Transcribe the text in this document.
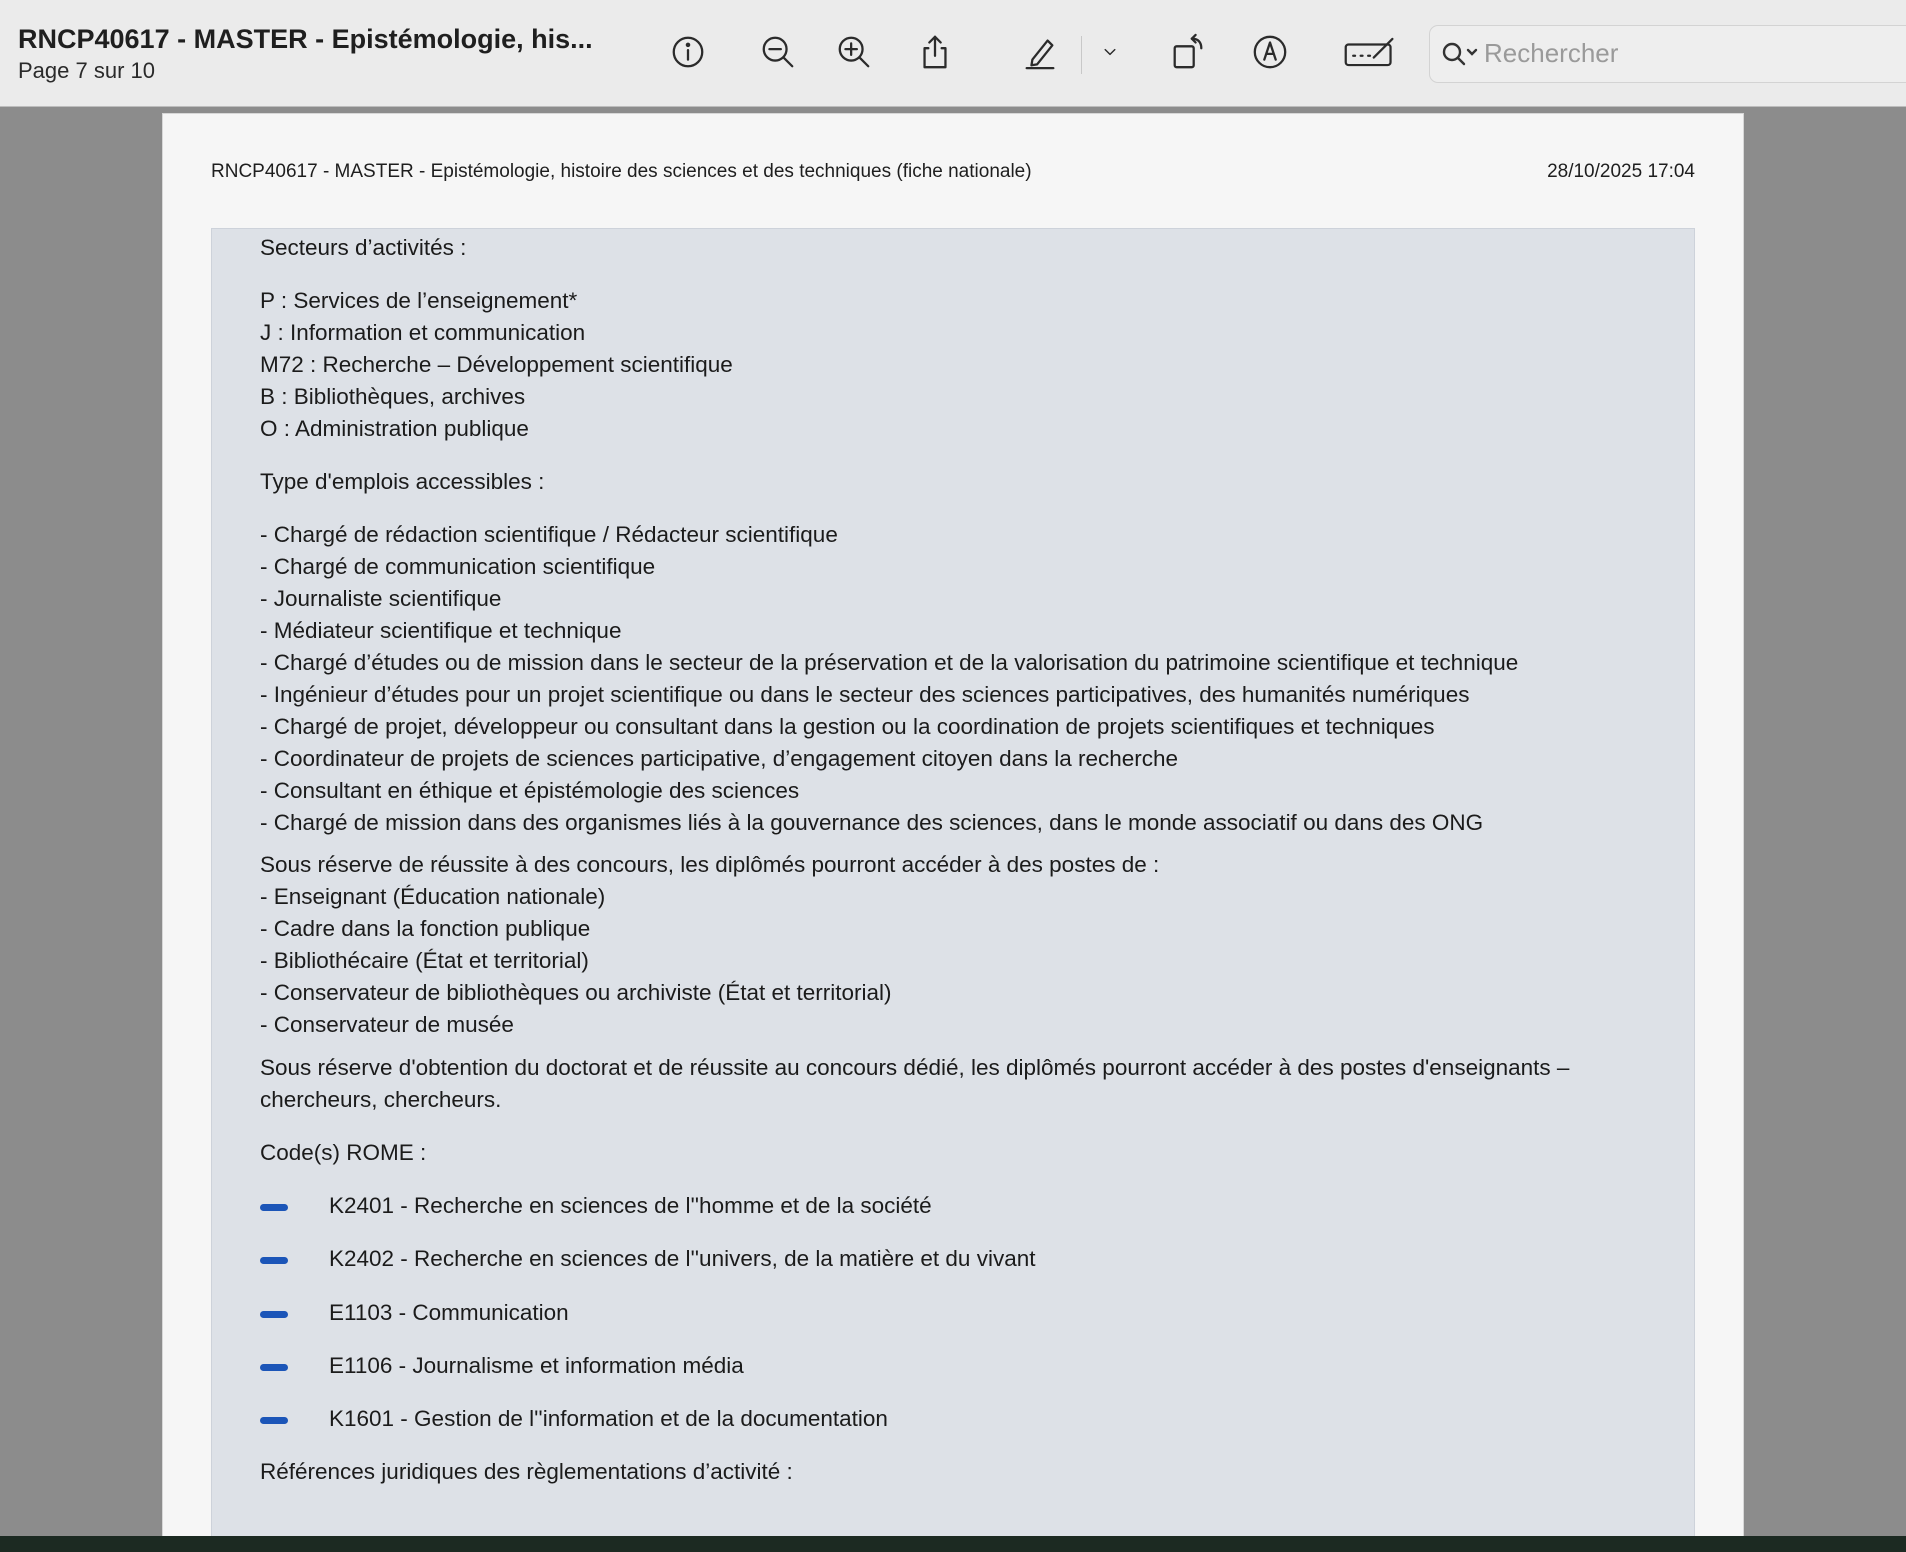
RNCP40617 - MASTER - Epistémologie, his...
Page 7 sur 10
Rechercher
RNCP40617 - MASTER - Epistémologie, histoire des sciences et des techniques (fiche nationale)	28/10/2025 17:04
Secteurs d’activités :
P : Services de l’enseignement*
J : Information et communication
M72 : Recherche – Développement scientifique
B : Bibliothèques, archives
O : Administration publique
Type d'emplois accessibles :
- Chargé de rédaction scientifique / Rédacteur scientifique
- Chargé de communication scientifique
- Journaliste scientifique
- Médiateur scientifique et technique
- Chargé d’études ou de mission dans le secteur de la préservation et de la valorisation du patrimoine scientifique et technique
- Ingénieur d’études pour un projet scientifique ou dans le secteur des sciences participatives, des humanités numériques
- Chargé de projet, développeur ou consultant dans la gestion ou la coordination de projets scientifiques et techniques
- Coordinateur de projets de sciences participative, d’engagement citoyen dans la recherche
- Consultant en éthique et épistémologie des sciences
- Chargé de mission dans des organismes liés à la gouvernance des sciences, dans le monde associatif ou dans des ONG
Sous réserve de réussite à des concours, les diplômés pourront accéder à des postes de :
- Enseignant (Éducation nationale)
- Cadre dans la fonction publique
- Bibliothécaire (État et territorial)
- Conservateur de bibliothèques ou archiviste (État et territorial)
- Conservateur de musée
Sous réserve d'obtention du doctorat et de réussite au concours dédié, les diplômés pourront accéder à des postes d'enseignants –
chercheurs, chercheurs.
Code(s) ROME :
K2401 - Recherche en sciences de l''homme et de la société
K2402 - Recherche en sciences de l''univers, de la matière et du vivant
E1103 - Communication
E1106 - Journalisme et information média
K1601 - Gestion de l''information et de la documentation
Références juridiques des règlementations d’activité :
